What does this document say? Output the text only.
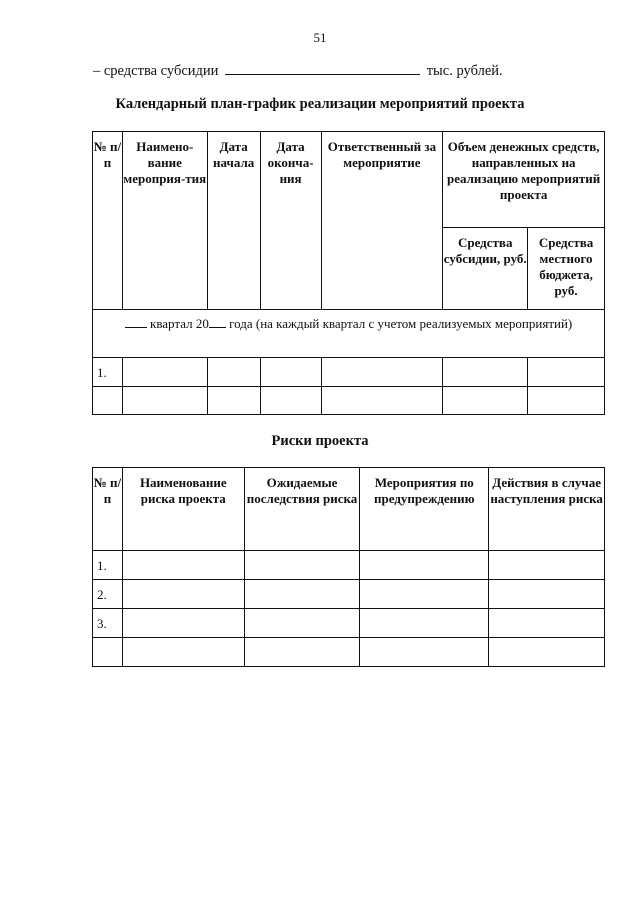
51
– средства субсидии	тыс. рублей.
Календарный план-график реализации мероприятий проекта
№ п/п	Наимено-вание мероприя-тия	Дата начала	Дата оконча-ния	Ответственный за мероприятие	Объем денежных средств, направленных на реализацию мероприятий проекта	
					Средства субсидии, руб.	Средства местного бюджета, руб.
квартал 20 года (на каждый квартал с учетом реализуемых мероприятий)						
1.						

Риски проекта
№ п/п	Наименование риска проекта	Ожидаемые последствия риска	Мероприятия по предупреждению	Действия в случае наступления риска
1.				
2.				
3.				
